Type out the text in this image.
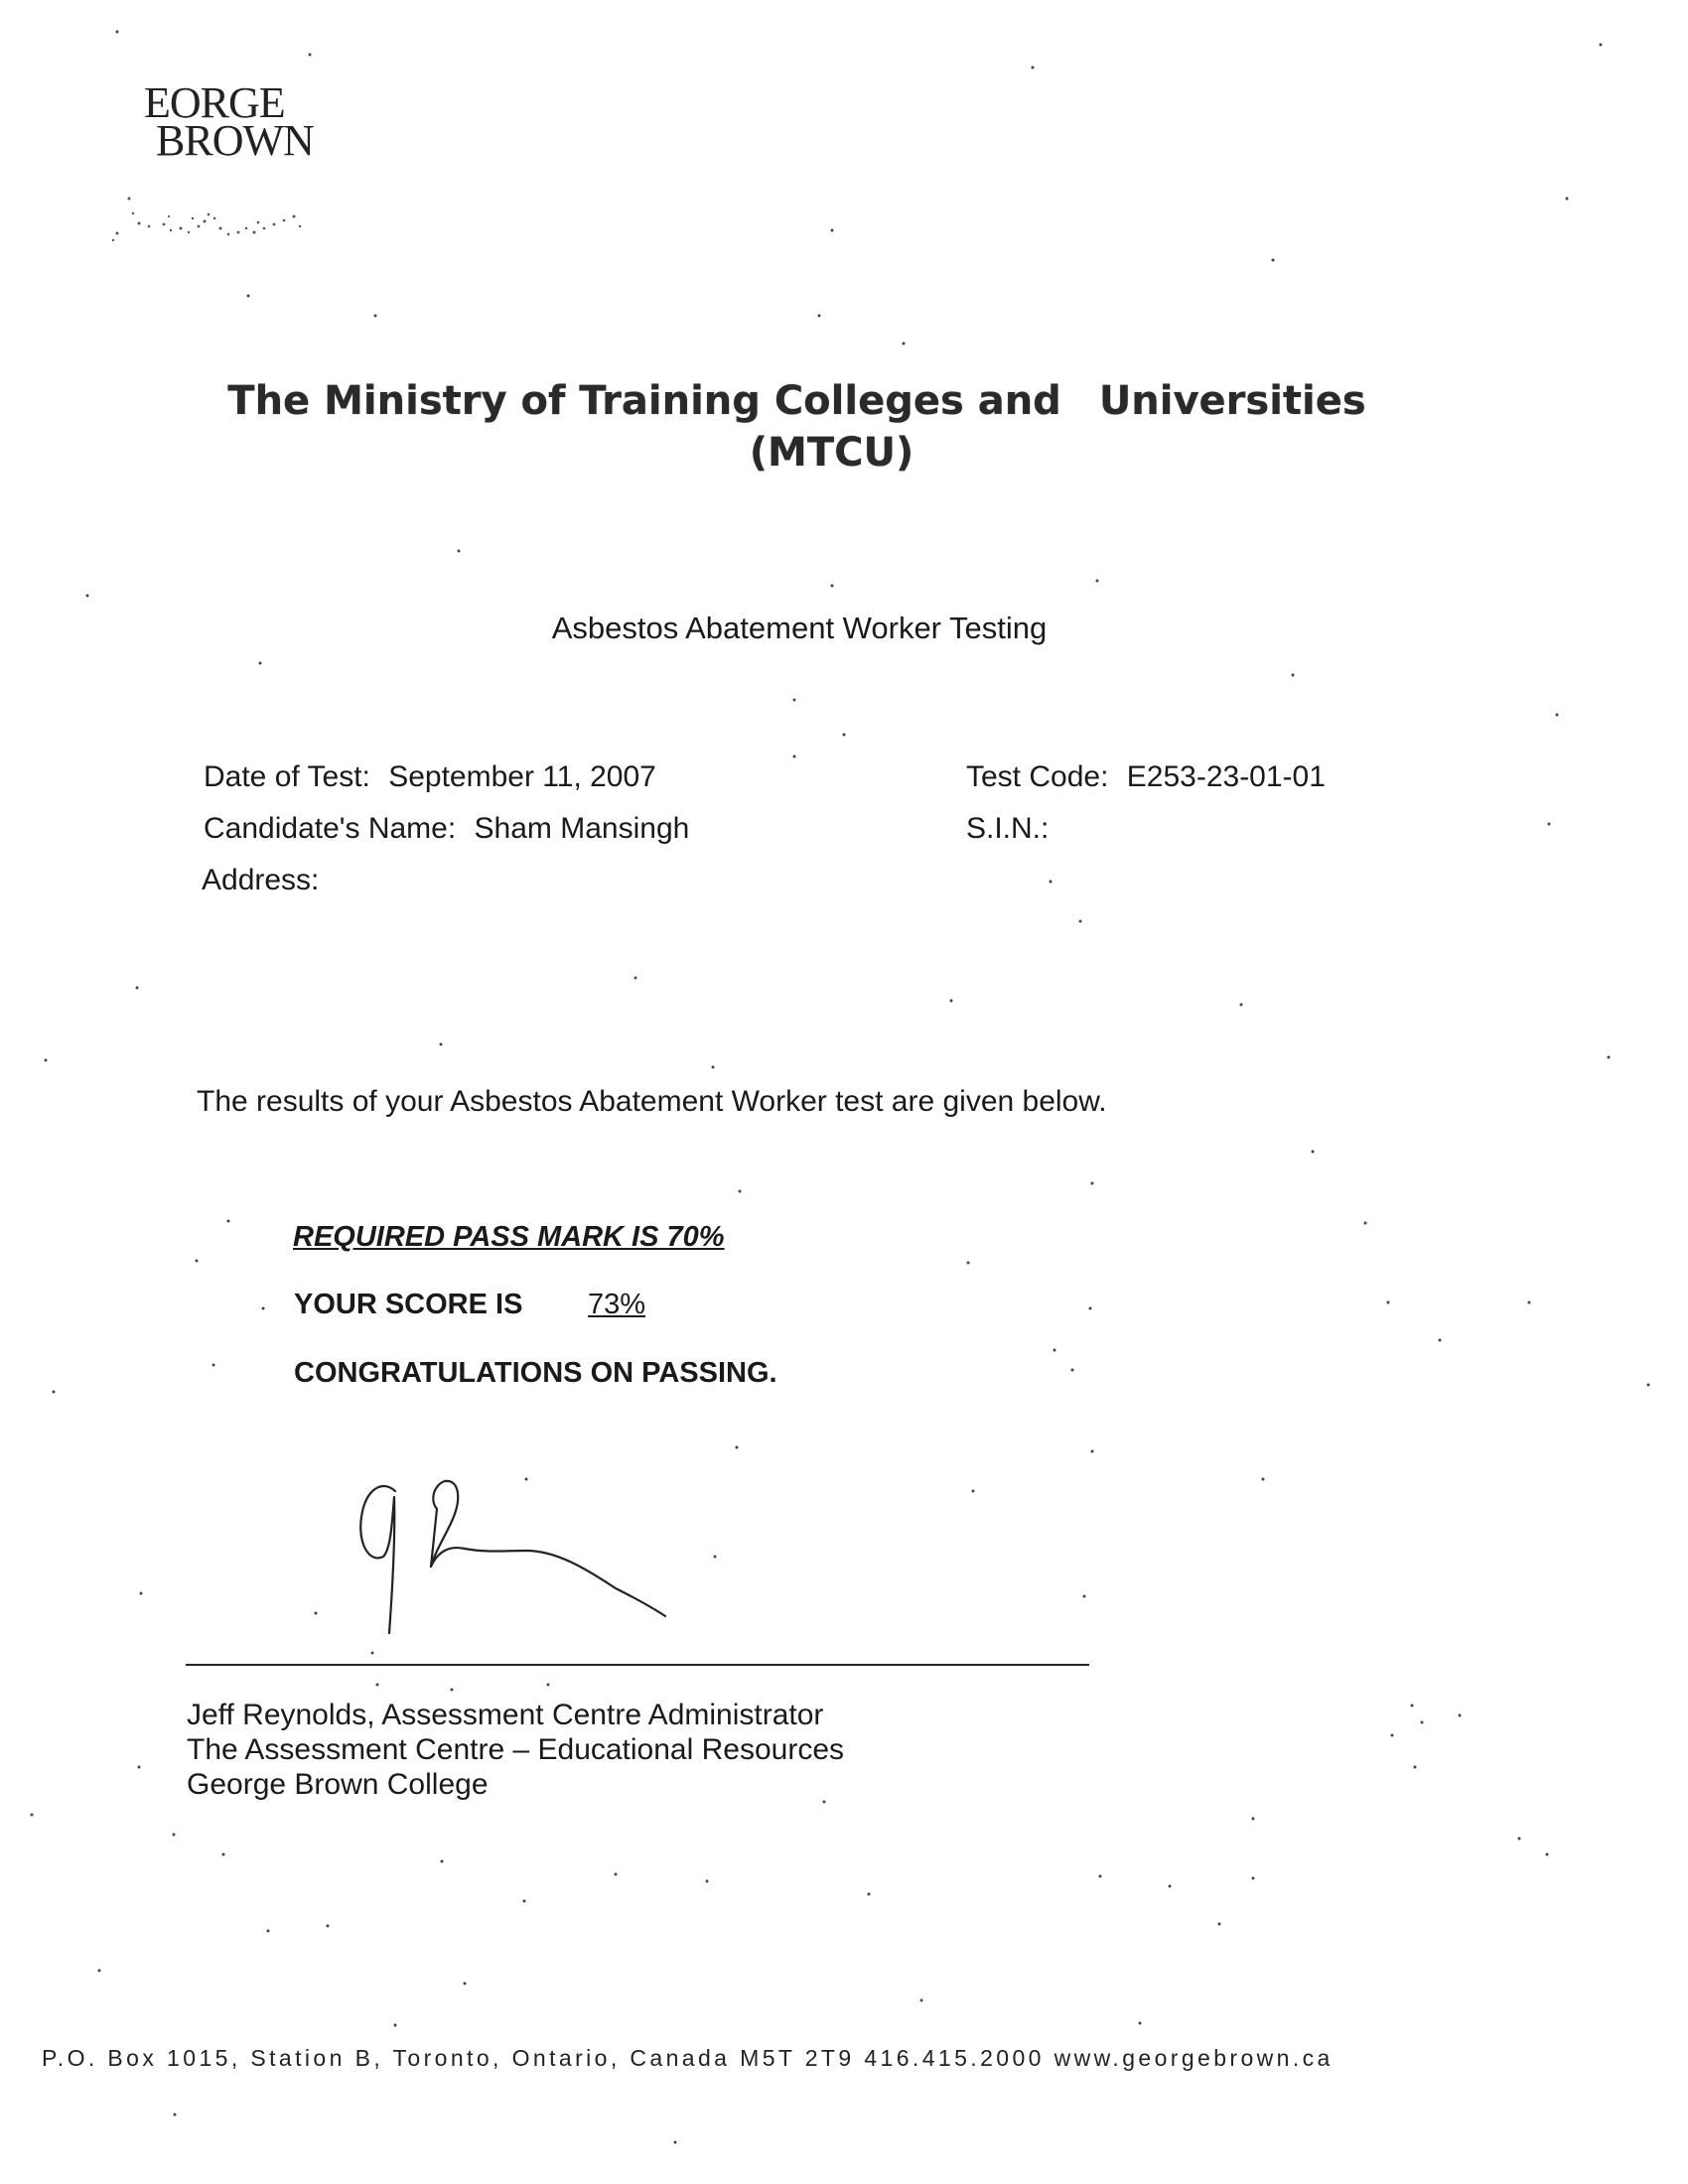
EORGE
BROWN
The Ministry of Training Colleges and Universities
(MTCU)
Asbestos Abatement Worker Testing
Date of Test: September 11, 2007
Candidate's Name: Sham Mansingh
Address:
Test Code: E253-23-01-01
S.I.N.:
The results of your Asbestos Abatement Worker test are given below.
REQUIRED PASS MARK IS 70%
YOUR SCORE IS 73%
CONGRATULATIONS ON PASSING.
Jeff Reynolds, Assessment Centre Administrator
The Assessment Centre – Educational Resources
George Brown College
P.O. Box 1015, Station B, Toronto, Ontario, Canada M5T 2T9 416.415.2000 www.georgebrown.ca
